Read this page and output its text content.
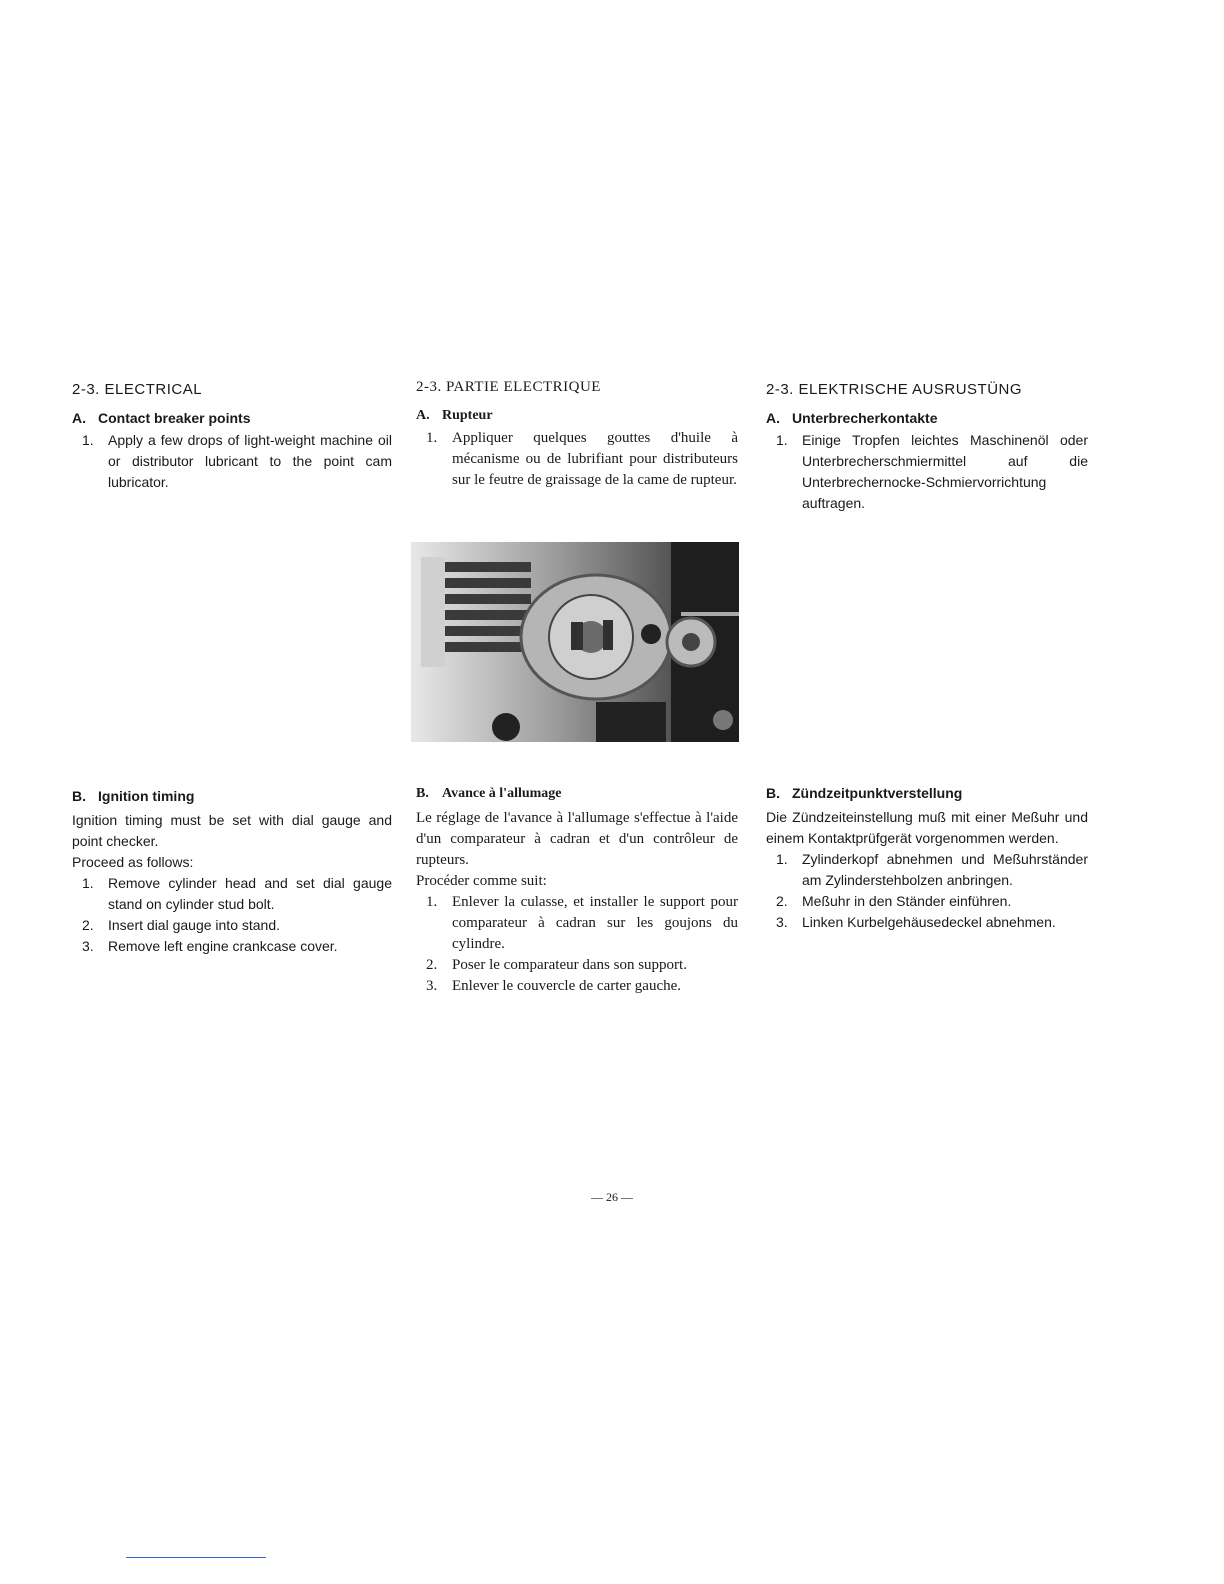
2-3. ELECTRICAL
A. Contact breaker points
1.	Apply a few drops of light-weight machine oil or distributor lubricant to the point cam lubricator.
2-3. PARTIE ELECTRIQUE
A. Rupteur
1. Appliquer quelques gouttes d'huile à mécanisme ou de lubrifiant pour distributeurs sur le feutre de graissage de la came de rupteur.
2-3. ELEKTRISCHE AUSRUSTÜNG
A. Unterbrecherkontakte
1.	Einige Tropfen leichtes Maschinenöl oder Unterbrecherschmiermittel auf die Unterbrechernocke-Schmiervorrichtung auftragen.
B. Ignition timing

Ignition timing must be set with dial gauge and point checker.

Proceed as follows:

1.	Remove cylinder head and set dial gauge stand on cylinder stud bolt.
2.	Insert dial gauge into stand.
3.	Remove left engine crankcase cover.
B. Avance à l'allumage

Le réglage de l'avance à l'allumage s'effectue à l'aide d'un comparateur à cadran et d'un contrôleur de rupteurs.

Procéder comme suit:

1. Enlever la culasse, et installer le support pour comparateur à cadran sur les goujons du cylindre.
2. Poser le comparateur dans son support.
3. Enlever le couvercle de carter gauche.
B. Zündzeitpunktverstellung

Die Zündzeiteinstellung muß mit einer Meßuhr und einem Kontaktprüfgerät vorgenommen werden.

1.	Zylinderkopf abnehmen und Meßuhrständer am Zylinderstehbolzen anbringen.
2.	Meßuhr in den Ständer einführen.
3.	Linken Kurbelgehäusedeckel abnehmen.
— 26 —
